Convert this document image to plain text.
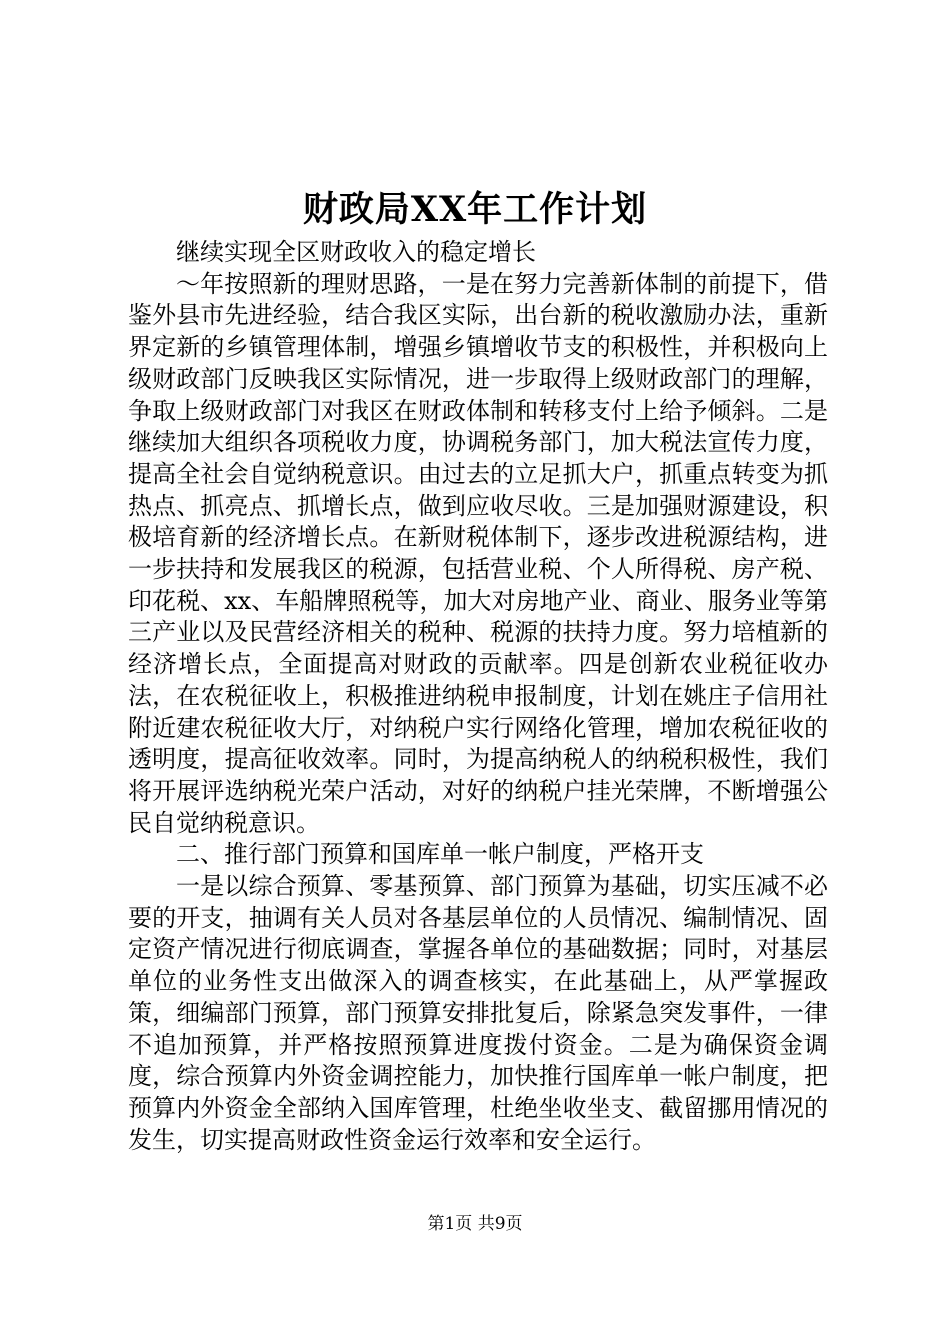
财政局XX年工作计划

继续实现全区财政收入的稳定增长

～年按照新的理财思路，一是在努力完善新体制的前提下，借鉴外县市先进经验，结合我区实际，出台新的税收激励办法，重新界定新的乡镇管理体制，增强乡镇增收节支的积极性，并积极向上级财政部门反映我区实际情况，进一步取得上级财政部门的理解，争取上级财政部门对我区在财政体制和转移支付上给予倾斜。二是继续加大组织各项税收力度，协调税务部门，加大税法宣传力度，提高全社会自觉纳税意识。由过去的立足抓大户，抓重点转变为抓热点、抓亮点、抓增长点，做到应收尽收。三是加强财源建设，积极培育新的经济增长点。在新财税体制下，逐步改进税源结构，进一步扶持和发展我区的税源，包括营业税、个人所得税、房产税、印花税、xx、车船牌照税等，加大对房地产业、商业、服务业等第三产业以及民营经济相关的税种、税源的扶持力度。努力培植新的经济增长点，全面提高对财政的贡献率。四是创新农业税征收办法，在农税征收上，积极推进纳税申报制度，计划在姚庄子信用社附近建农税征收大厅，对纳税户实行网络化管理，增加农税征收的透明度，提高征收效率。同时，为提高纳税人的纳税积极性，我们将开展评选纳税光荣户活动，对好的纳税户挂光荣牌，不断增强公民自觉纳税意识。

二、推行部门预算和国库单一帐户制度，严格开支

一是以综合预算、零基预算、部门预算为基础，切实压减不必要的开支，抽调有关人员对各基层单位的人员情况、编制情况、固定资产情况进行彻底调查，掌握各单位的基础数据；同时，对基层单位的业务性支出做深入的调查核实，在此基础上，从严掌握政策，细编部门预算，部门预算安排批复后，除紧急突发事件，一律不追加预算，并严格按照预算进度拨付资金。二是为确保资金调度，综合预算内外资金调控能力，加快推行国库单一帐户制度，把预算内外资金全部纳入国库管理，杜绝坐收坐支、截留挪用情况的发生，切实提高财政性资金运行效率和安全运行。

第1页 共9页
